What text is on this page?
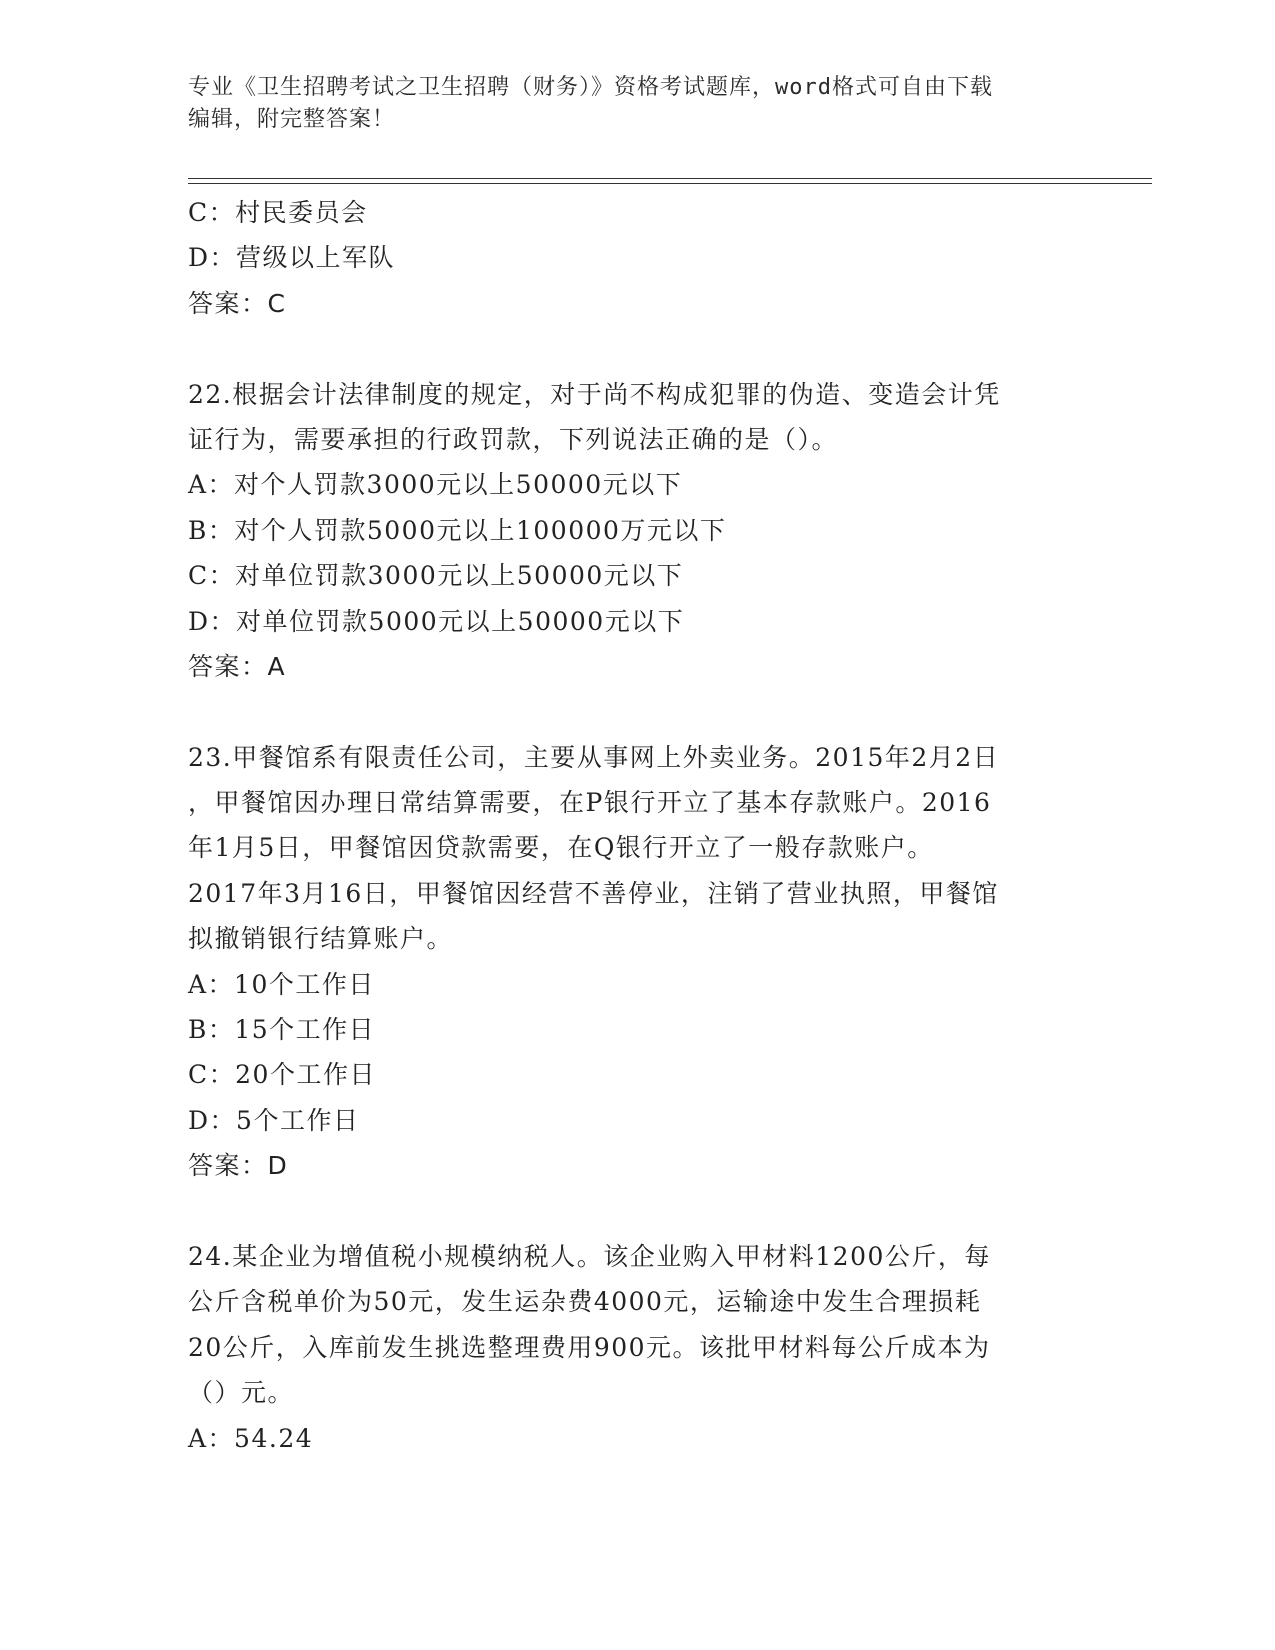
专业《卫生招聘考试之卫生招聘（财务）》资格考试题库，word格式可自由下载
编辑，附完整答案！
C：村民委员会
D：营级以上军队
答案：C
22.根据会计法律制度的规定，对于尚不构成犯罪的伪造、变造会计凭
证行为，需要承担的行政罚款，下列说法正确的是（）。
A：对个人罚款3000元以上50000元以下
B：对个人罚款5000元以上100000万元以下
C：对单位罚款3000元以上50000元以下
D：对单位罚款5000元以上50000元以下
答案：A
23.甲餐馆系有限责任公司，主要从事网上外卖业务。2015年2月2日
，甲餐馆因办理日常结算需要，在P银行开立了基本存款账户。2016
年1月5日，甲餐馆因贷款需要，在Q银行开立了一般存款账户。
2017年3月16日，甲餐馆因经营不善停业，注销了营业执照，甲餐馆
拟撤销银行结算账户。
A：10个工作日
B：15个工作日
C：20个工作日
D：5个工作日
答案：D
24.某企业为增值税小规模纳税人。该企业购入甲材料1200公斤，每
公斤含税单价为50元，发生运杂费4000元，运输途中发生合理损耗
20公斤，入库前发生挑选整理费用900元。该批甲材料每公斤成本为
（）元。
A：54.24
